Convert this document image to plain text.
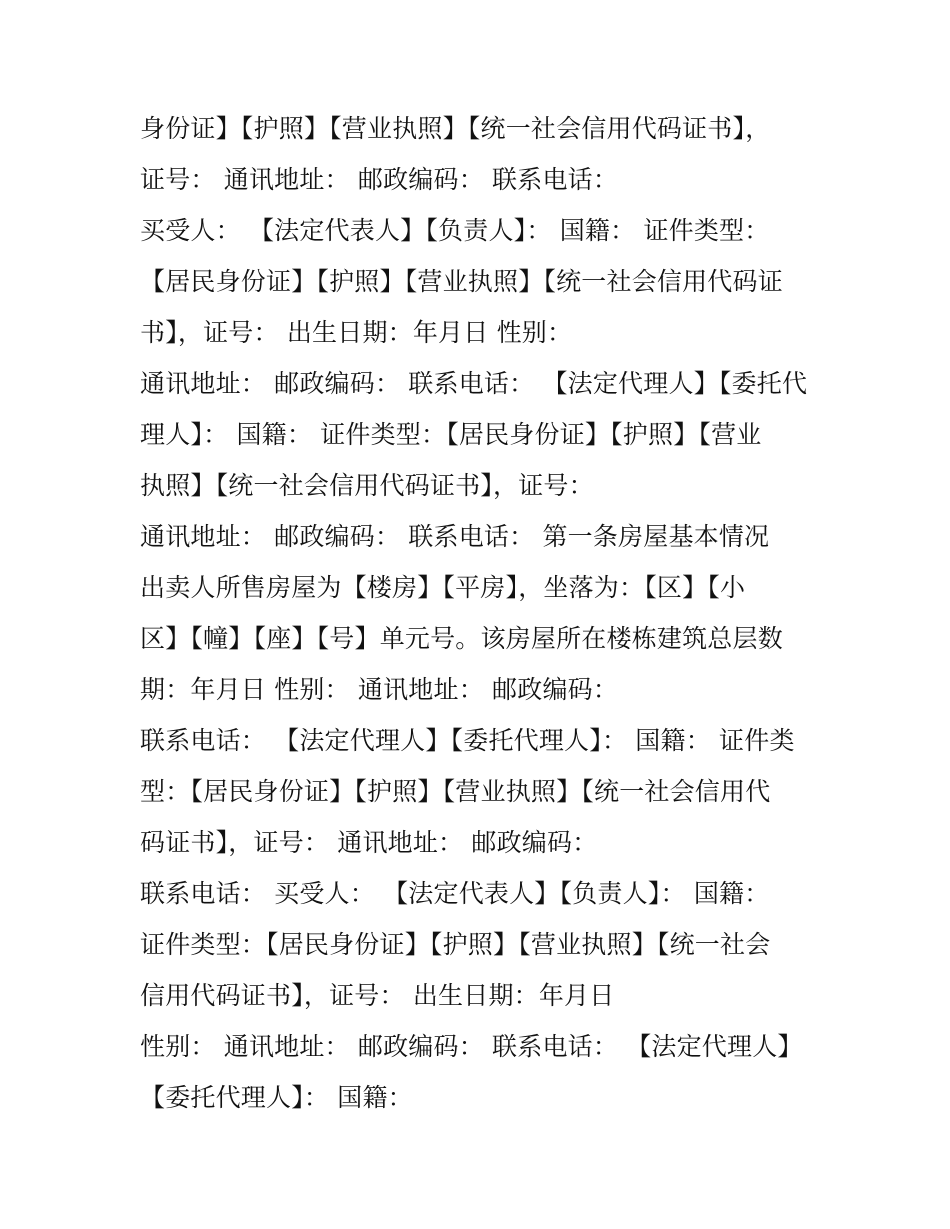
身份证】【护照】【营业执照】【统一社会信用代码证书】，
证号： 通讯地址： 邮政编码： 联系电话：
买受人： 【法定代表人】【负责人】： 国籍： 证件类型：
【居民身份证】【护照】【营业执照】【统一社会信用代码证
书】，证号： 出生日期：年月日 性别：
通讯地址： 邮政编码： 联系电话： 【法定代理人】【委托代
理人】： 国籍： 证件类型：【居民身份证】【护照】【营业
执照】【统一社会信用代码证书】，证号：
通讯地址： 邮政编码： 联系电话： 第一条房屋基本情况
出卖人所售房屋为【楼房】【平房】，坐落为：【区】【小
区】【幢】【座】【号】单元号。该房屋所在楼栋建筑总层数
期：年月日 性别： 通讯地址： 邮政编码：
联系电话： 【法定代理人】【委托代理人】： 国籍： 证件类
型：【居民身份证】【护照】【营业执照】【统一社会信用代
码证书】，证号： 通讯地址： 邮政编码：
联系电话： 买受人： 【法定代表人】【负责人】： 国籍：
证件类型：【居民身份证】【护照】【营业执照】【统一社会
信用代码证书】，证号： 出生日期：年月日
性别： 通讯地址： 邮政编码： 联系电话： 【法定代理人】
【委托代理人】： 国籍：
